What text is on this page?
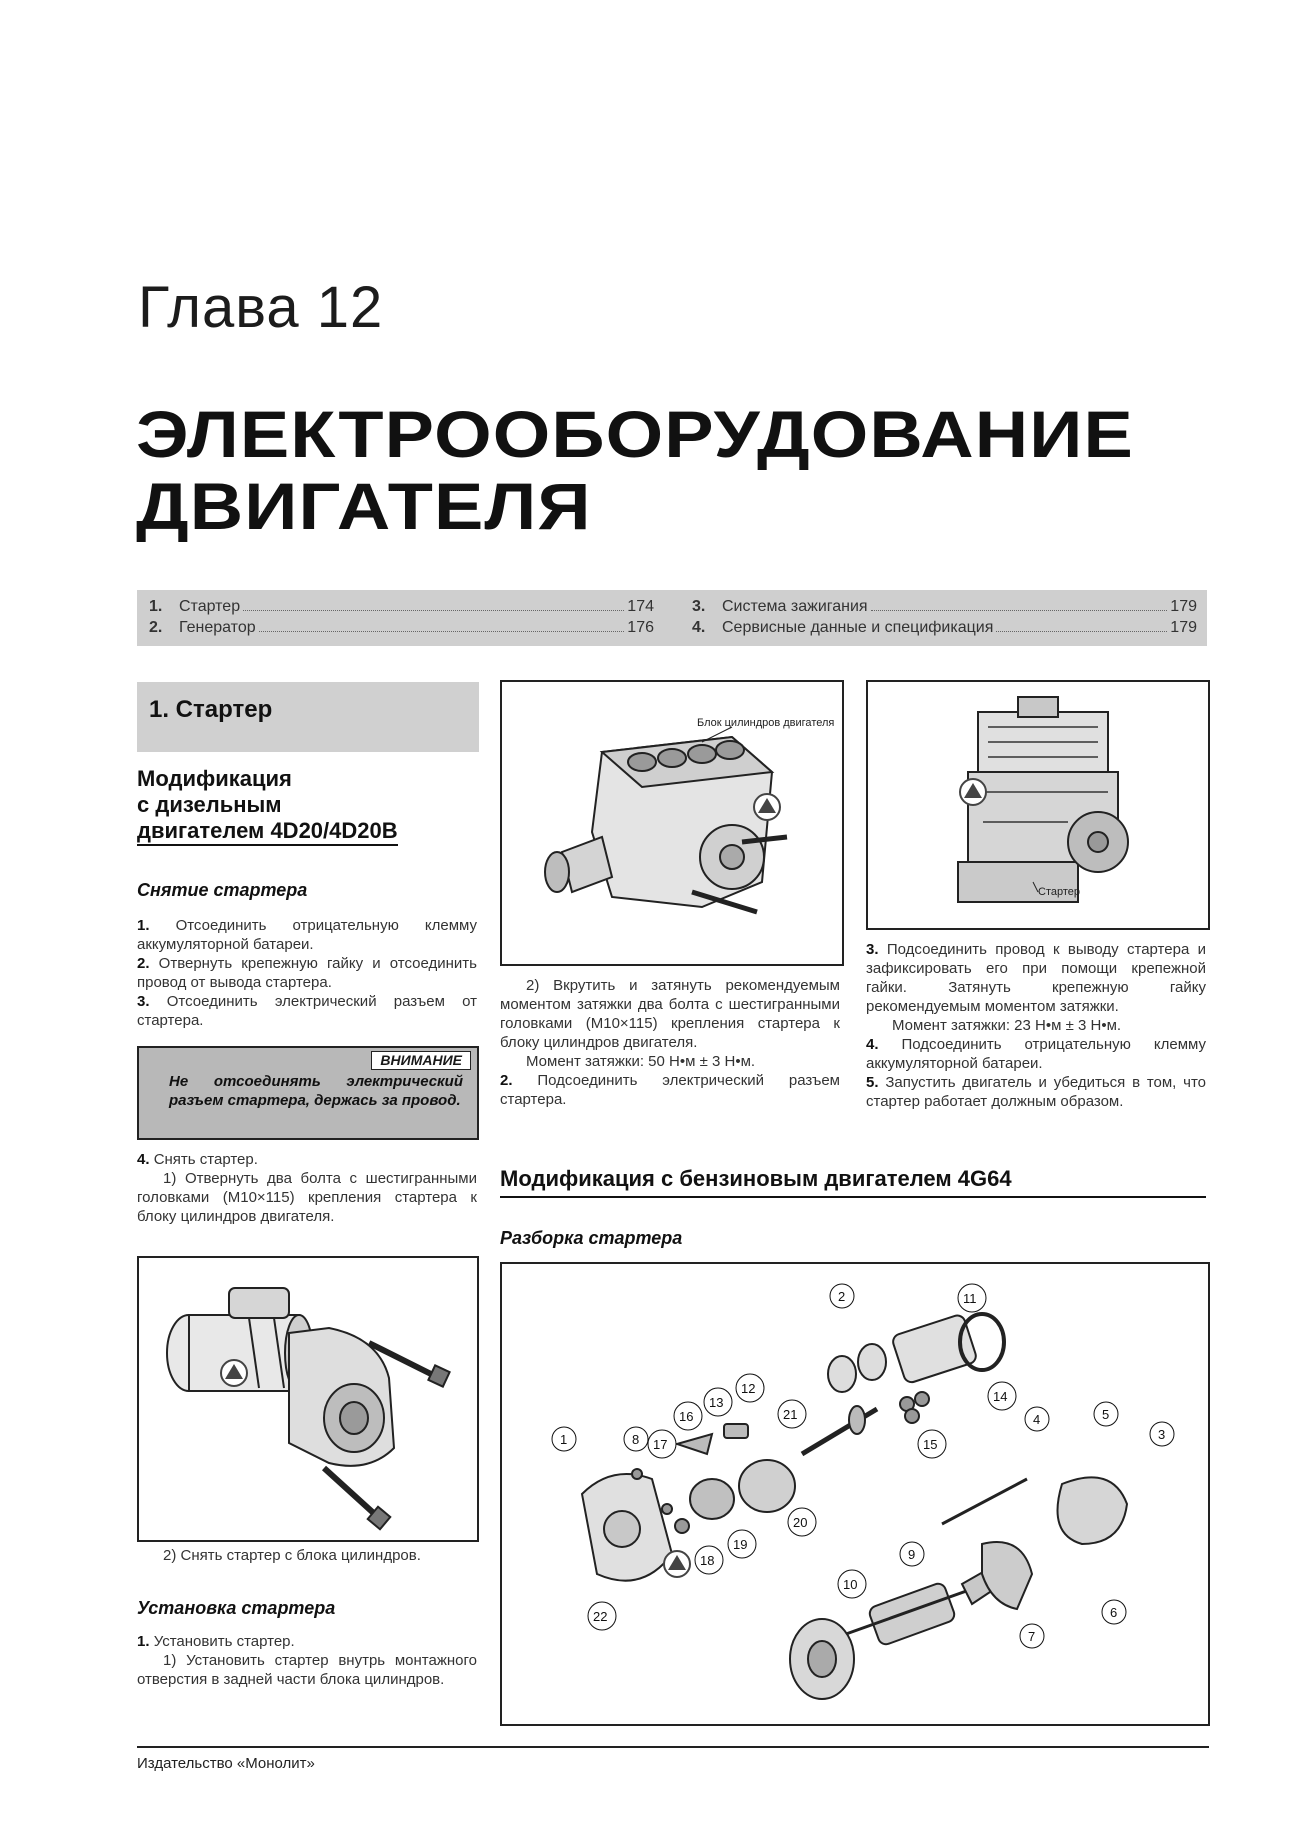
Глава 12
ЭЛЕКТРООБОРУДОВАНИЕ
ДВИГАТЕЛЯ
1.	Стартер	174
2.	Генератор	176
3.	Система зажигания	179
4.	Сервисные данные и спецификация	179
1. Стартер
Модификация
с дизельным
двигателем 4D20/4D20B
Снятие стартера
1. Отсоединить отрицательную клемму аккумуляторной батареи.
2. Отвернуть крепежную гайку и отсоединить провод от вывода стартера.
3. Отсоединить электрический разъем от стартера.
ВНИМАНИЕ
Не отсоединять электрический разъем стартера, держась за провод.
4. Снять стартер.
1) Отвернуть два болта с шестигранными головками (M10×115) крепления стартера к блоку цилиндров двигателя.
2) Снять стартер с блока цилиндров.
Установка стартера
1. Установить стартер.
1) Установить стартер внутрь монтажного отверстия в задней части блока цилиндров.
Блок цилиндров двигателя
2) Вкрутить и затянуть рекомендуемым моментом затяжки два болта с шестигранными головками (M10×115) крепления стартера к блоку цилиндров двигателя.
Момент затяжки: 50 Н•м ± 3 Н•м.
2. Подсоединить электрический разъем стартера.
Стартер
3. Подсоединить провод к выводу стартера и зафиксировать его при помощи крепежной гайки. Затянуть крепежную гайку рекомендуемым моментом затяжки.
Момент затяжки: 23 Н•м ± 3 Н•м.
4. Подсоединить отрицательную клемму аккумуляторной батареи.
5. Запустить двигатель и убедиться в том, что стартер работает должным образом.
Модификация с бензиновым двигателем 4G64
Разборка стартера
1
2
3
4	5
6
7
8
9
10
11
12
13	14
15
16
17
18
19
20
21
22
Издательство «Монолит»
